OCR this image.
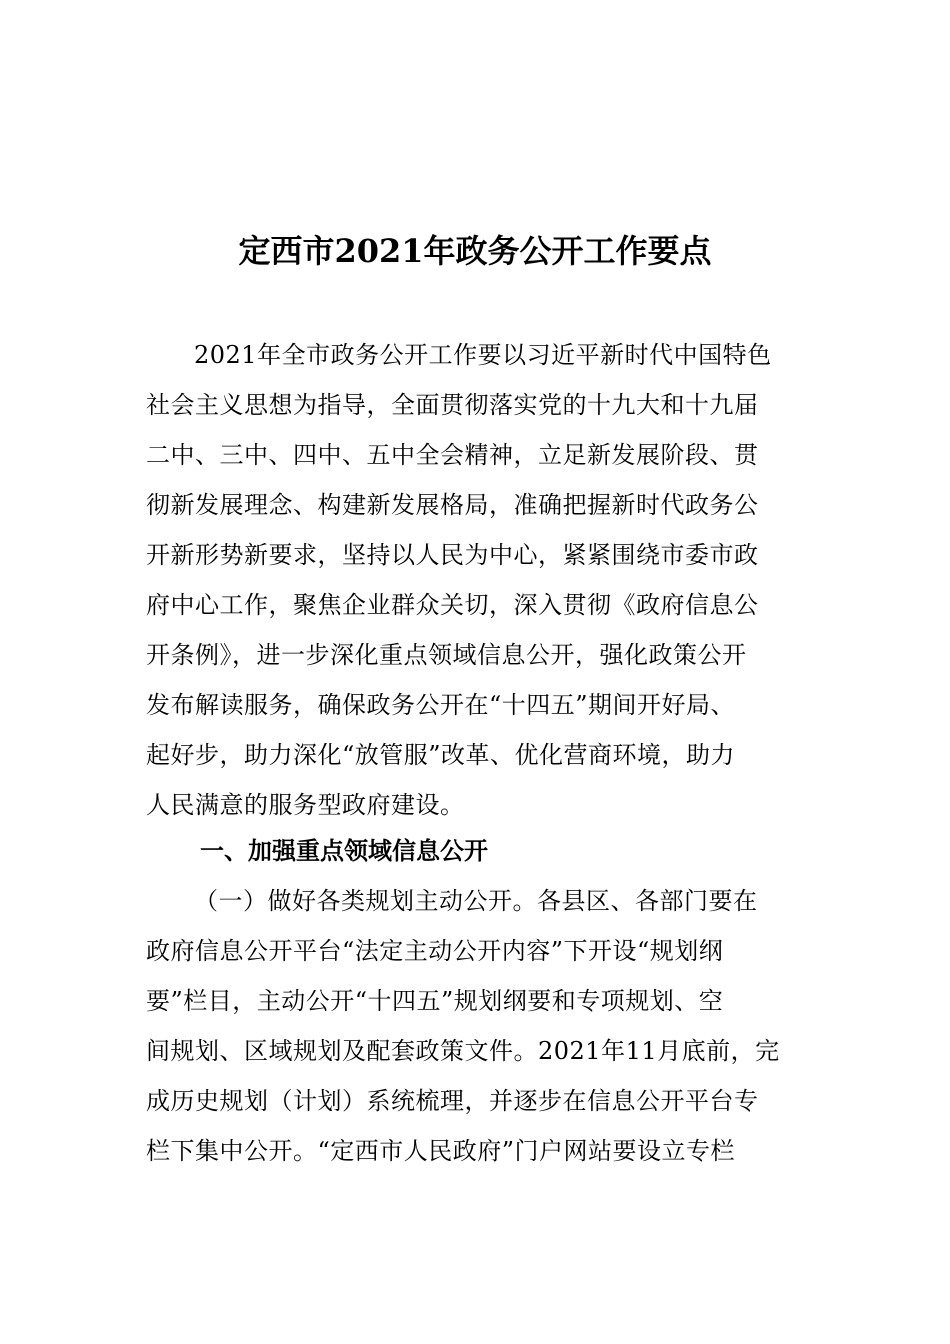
定西市2021年政务公开工作要点

2021年全市政务公开工作要以习近平新时代中国特色

社会主义思想为指导，全面贯彻落实党的十九大和十九届

二中、三中、四中、五中全会精神，立足新发展阶段、贯

彻新发展理念、构建新发展格局，准确把握新时代政务公

开新形势新要求，坚持以人民为中心，紧紧围绕市委市政

府中心工作，聚焦企业群众关切，深入贯彻《政府信息公

开条例》，进一步深化重点领域信息公开，强化政策公开

发布解读服务，确保政务公开在“十四五”期间开好局、

起好步，助力深化“放管服”改革、优化营商环境，助力

人民满意的服务型政府建设。

一、加强重点领域信息公开

（一）做好各类规划主动公开。各县区、各部门要在

政府信息公开平台“法定主动公开内容”下开设“规划纲

要”栏目，主动公开“十四五”规划纲要和专项规划、空

间规划、区域规划及配套政策文件。2021年11月底前，完

成历史规划（计划）系统梳理，并逐步在信息公开平台专

栏下集中公开。“定西市人民政府”门户网站要设立专栏
